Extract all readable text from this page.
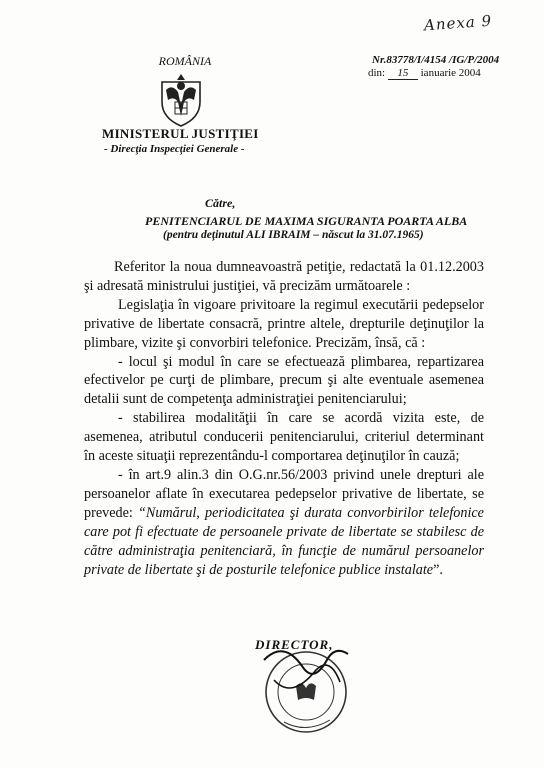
Anexa 9
ROMÂNIA
MINISTERUL JUSTIŢIEI
- Direcţia Inspecţiei Generale -
Nr.83778/I/4154 /IG/P/2004
din: 15 ianuarie 2004
Către,
PENITENCIARUL DE MAXIMA SIGURANTA POARTA ALBA
(pentru deţinutul ALI IBRAIM – născut la 31.07.1965)

Referitor la noua dumneavoastră petiţie, redactată la 01.12.2003 şi adresată ministrului justiţiei, vă precizăm următoarele :

Legislaţia în vigoare privitoare la regimul executării pedepselor privative de libertate consacră, printre altele, drepturile deţinuţilor la plimbare, vizite şi convorbiri telefonice. Precizăm, însă, că :

- locul şi modul în care se efectuează plimbarea, repartizarea efectivelor pe curţi de plimbare, precum şi alte eventuale asemenea detalii sunt de competenţa administraţiei penitenciarului;

- stabilirea modalităţii în care se acordă vizita este, de asemenea, atributul conducerii penitenciarului, criteriul determinant în aceste situaţii reprezentându-l comportarea deţinuţilor în cauză;

- în art.9 alin.3 din O.G.nr.56/2003 privind unele drepturi ale persoanelor aflate în executarea pedepselor privative de libertate, se prevede: “Numărul, periodicitatea şi durata convorbirilor telefonice care pot fi efectuate de persoanele private de libertate se stabilesc de către administraţia penitenciară, în funcţie de numărul persoanelor private de libertate şi de posturile telefonice publice instalate”.

DIRECTOR,
